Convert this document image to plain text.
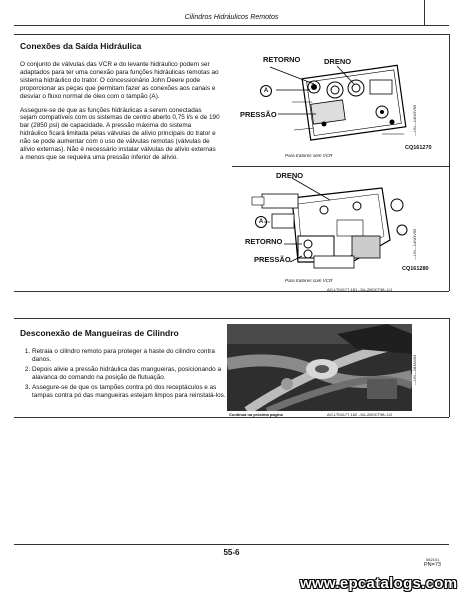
Cilindros Hidráulicos Remotos
Conexões da Saída Hidráulica

O conjunto de válvulas das VCR e do levante hidráulico podem ser adaptados para ter uma conexão para funções hidráulicas remotas ao sistema hidráulico do trator. O concessionário John Deere pode proporcionar as peças que permitam fazer as conexões aos canais e desviar o fluxo normal de óleo com o tampão (A).

Assegure-se de que as funções hidráulicas a serem conectadas sejam compatíveis com os sistemas de centro aberto 0,75 l/s e de 190 bar (2850 psi) de capacidade. A pressão máxima do sistema hidráulico ficará limitada pelas válvulas de alívio principais do trator e não se pode aumentar com o uso de válvulas remotas (válvulas de alívio externas). Não é necessário instalar válvulas de alívio externas a menos que se requeira uma pressão inferior de alívio.

RETORNO	DRENO
PRESSÃO
A
Para tratores sem VCR
CQ161270
—UN—14NOV95
DRENO
RETORNO
PRESSÃO
A
Para tratores com VCR
CQ161280
—UN—14NOV95
AG,LT04177,181 –54–28OCT98–1/1
Desconexão de Mangueiras de Cilindro
1. Retraia o cilindro remoto para proteger a haste do cilindro contra danos.
2. Depois alivie a pressão hidráulica das mangueiras, posicionando a alavanca do comando na posição de flutuação.
3. Assegure-se de que os tampões contra pó dos receptáculos e as tampas contra pó das mangueiras estejam limpos para reinstalá-los.
—UN—28JAN93
Continua na próxima página	AG,LT04177,182 –54–28OCT98–1/2
55-6
082101
PN=73
www.epcatalogs.com
